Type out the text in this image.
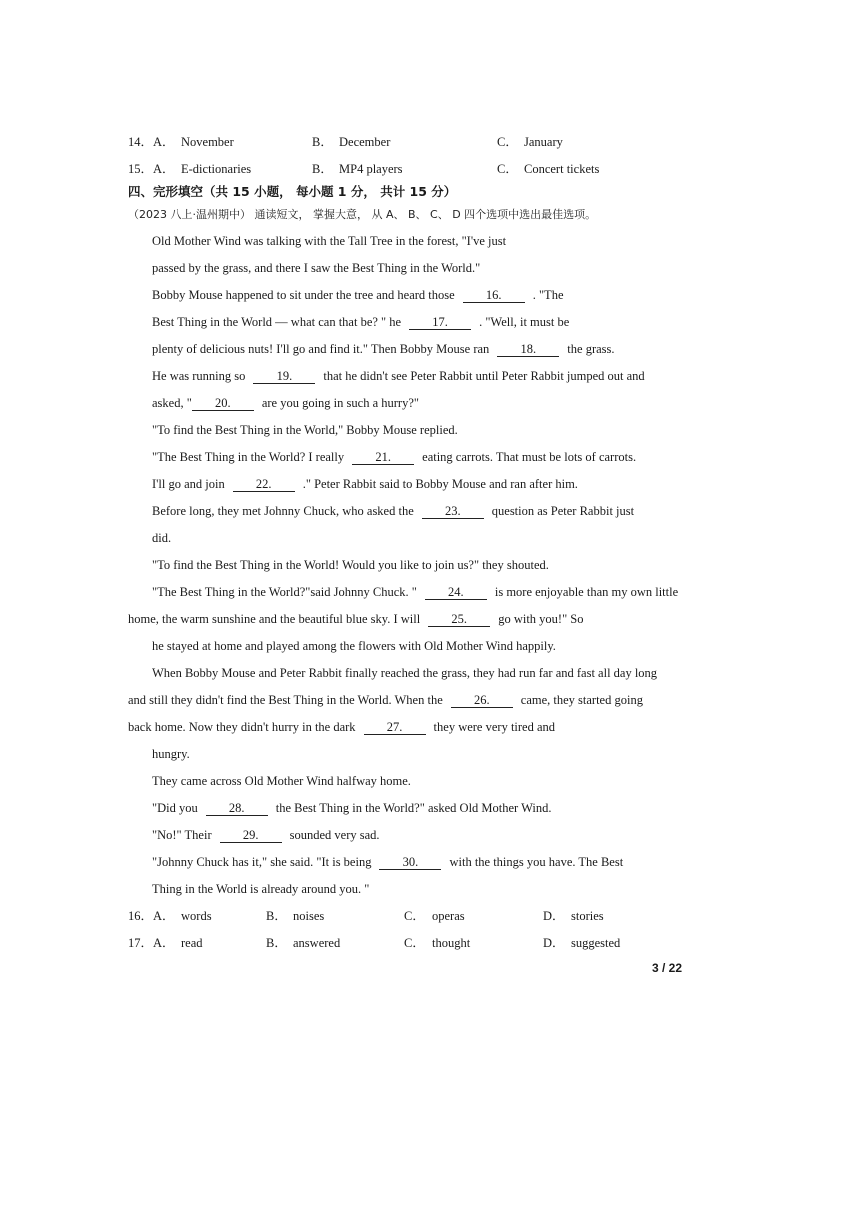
14．A． November	B． December	C． January
15．A． E-dictionaries	B． MP4 players	C． Concert tickets
四、完形填空（共 15 小题， 每小题 1 分， 共计 15 分）
（2023 八上·温州期中） 通读短文， 掌握大意， 从 A、 B、 C、 D 四个选项中选出最佳选项。
Old Mother Wind was talking with the Tall Tree in the forest, "I've just
passed by the grass, and there I saw the Best Thing in the World."
Bobby Mouse happened to sit under the tree and heard those 16. . "The
Best Thing in the World — what can that be? " he 17. . "Well, it must be
plenty of delicious nuts! I'll go and find it." Then Bobby Mouse ran 18. the grass.
He was running so 19. that he didn't see Peter Rabbit until Peter Rabbit jumped out and
asked, " 20. are you going in such a hurry?"
"To find the Best Thing in the World," Bobby Mouse replied.
"The Best Thing in the World? I really 21. eating carrots. That must be lots of carrots.
I'll go and join 22. ." Peter Rabbit said to Bobby Mouse and ran after him.
Before long, they met Johnny Chuck, who asked the 23. question as Peter Rabbit just
did.
"To find the Best Thing in the World! Would you like to join us?" they shouted.
"The Best Thing in the World?"said Johnny Chuck. " 24. is more enjoyable than my own little
home, the warm sunshine and the beautiful blue sky. I will 25. go with you!" So
he stayed at home and played among the flowers with Old Mother Wind happily.
When Bobby Mouse and Peter Rabbit finally reached the grass, they had run far and fast all day long
and still they didn't find the Best Thing in the World. When the 26. came, they started going
back home. Now they didn't hurry in the dark 27. they were very tired and
hungry.
They came across Old Mother Wind halfway home.
"Did you 28. the Best Thing in the World?" asked Old Mother Wind.
"No!" Their 29. sounded very sad.
"Johnny Chuck has it," she said. "It is being 30. with the things you have. The Best
Thing in the World is already around you. "
16．A． words	B． noises	C． operas	D． stories
17．A． read	B． answered	C． thought	D． suggested
3 / 22
